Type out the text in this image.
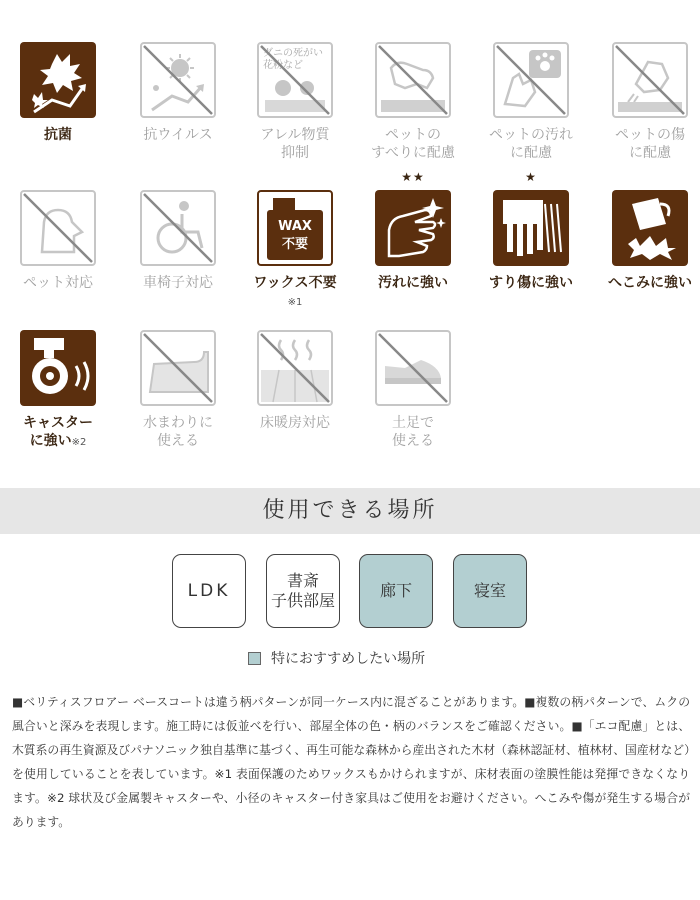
抗菌	抗ウイルス
ダニの死がい
花粉など
アレル物質
抑制
ペットの
すべりに配慮
ペットの汚れ
に配慮
ペットの傷
に配慮
ペット対応	車椅子対応
WAX
不要
ワックス不要
※1
★★
汚れに強い
★
すり傷に強い	へこみに強い
キャスター
に強い※2
水まわりに
使える
床暖房対応	土足で
使える
使用できる場所
LDK
書斎
子供部屋
廊下	寝室
特におすすめしたい場所
■ベリティスフロアー ベースコートは違う柄パターンが同一ケース内に混ざることがあります。■複数の柄パターンで、ムクの風合いと深みを表現します。施工時には仮並べを行い、部屋全体の色・柄のバランスをご確認ください。■「エコ配慮」とは、木質系の再生資源及びパナソニック独自基準に基づく、再生可能な森林から産出された木材（森林認証材、植林材、国産材など）を使用していることを表しています。※1 表面保護のためワックスもかけられますが、床材表面の塗膜性能は発揮できなくなります。※2 球状及び金属製キャスターや、小径のキャスター付き家具はご使用をお避けください。へこみや傷が発生する場合があります。
